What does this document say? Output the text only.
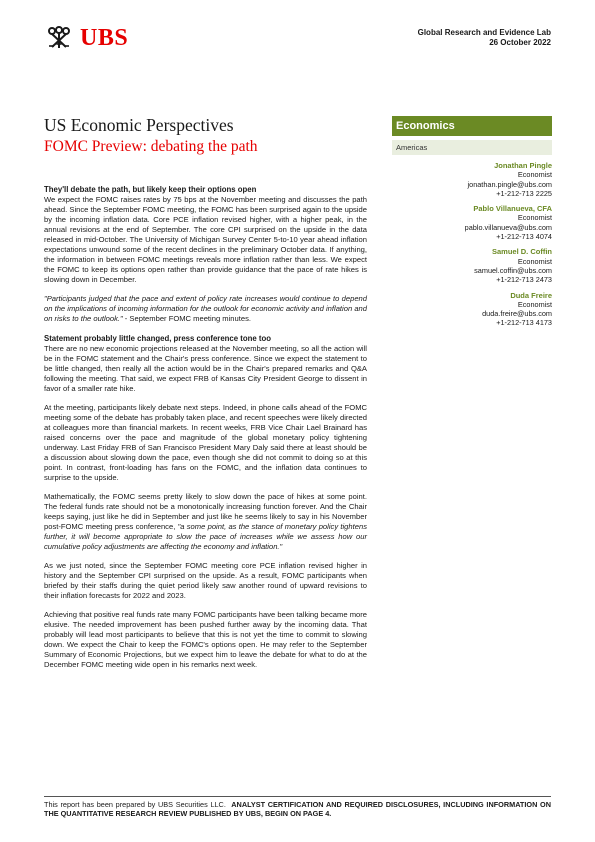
UBS	Global Research and Evidence Lab
26 October 2022
US Economic Perspectives
FOMC Preview: debating the path
Economics
Americas
Jonathan Pingle
Economist
jonathan.pingle@ubs.com
+1-212-713 2225
Pablo Villanueva, CFA
Economist
pablo.villanueva@ubs.com
+1-212-713 4074
Samuel D. Coffin
Economist
samuel.coffin@ubs.com
+1-212-713 2473
Duda Freire
Economist
duda.freire@ubs.com
+1-212-713 4173
They'll debate the path, but likely keep their options open

We expect the FOMC raises rates by 75 bps at the November meeting and discusses the path ahead. Since the September FOMC meeting, the FOMC has been surprised again to the upside by the incoming inflation data. Core PCE inflation revised higher, with a higher peak, in the annual revisions at the end of September. The core CPI surprised on the upside in the data released in mid-October. The University of Michigan Survey Center 5-to-10 year ahead inflation expectations unwound some of the recent declines in the preliminary October data. If anything, the information in between FOMC meetings reveals more inflation rather than less. We expect the FOMC to keep its options open rather than provide guidance that the pace of rate hikes is slowing down in December.

"Participants judged that the pace and extent of policy rate increases would continue to depend on the implications of incoming information for the outlook for economic activity and inflation and on risks to the outlook." - September FOMC meeting minutes.

Statement probably little changed, press conference tone too

There are no new economic projections released at the November meeting, so all the action will be in the FOMC statement and the Chair's press conference. Since we expect the statement to be little changed, then really all the action would be in the Chair's prepared remarks and Q&A following the meeting. That said, we expect FRB of Kansas City President George to dissent in favor of a smaller rate hike.

At the meeting, participants likely debate next steps. Indeed, in phone calls ahead of the FOMC meeting some of the debate has probably taken place, and recent speeches were likely directed at colleagues more than financial markets. In recent weeks, FRB Vice Chair Lael Brainard has raised concerns over the pace and magnitude of the global monetary policy tightening underway. Last Friday FRB of San Francisco President Mary Daly said there at least should be a discussion about slowing down the pace, even though she did not commit to doing so at this point. In contrast, front-loading has fans on the FOMC, and the inflation data continues to surprise to the upside.

Mathematically, the FOMC seems pretty likely to slow down the pace of hikes at some point. The federal funds rate should not be a monotonically increasing function forever. And the Chair keeps saying, just like he did in September and just like he seems likely to say in his November post-FOMC meeting press conference, "a some point, as the stance of monetary policy tightens further, it will become appropriate to slow the pace of increases while we assess how our cumulative policy adjustments are affecting the economy and inflation."

As we just noted, since the September FOMC meeting core PCE inflation revised higher in history and the September CPI surprised on the upside. As a result, FOMC participants when briefed by their staffs during the quiet period likely saw another round of upward revisions to their inflation forecasts for 2022 and 2023.

Achieving that positive real funds rate many FOMC participants have been talking became more elusive. The needed improvement has been pushed further away by the incoming data. That probably will lead most participants to believe that this is not yet the time to commit to slowing down. We expect the Chair to keep the FOMC's options open. He may refer to the September Summary of Economic Projections, but we expect him to leave the debate for what to do at the December FOMC meeting wide open in his remarks next week.

This report has been prepared by UBS Securities LLC. ANALYST CERTIFICATION AND REQUIRED DISCLOSURES, INCLUDING INFORMATION ON THE QUANTITATIVE RESEARCH REVIEW PUBLISHED BY UBS, BEGIN ON PAGE 4.
